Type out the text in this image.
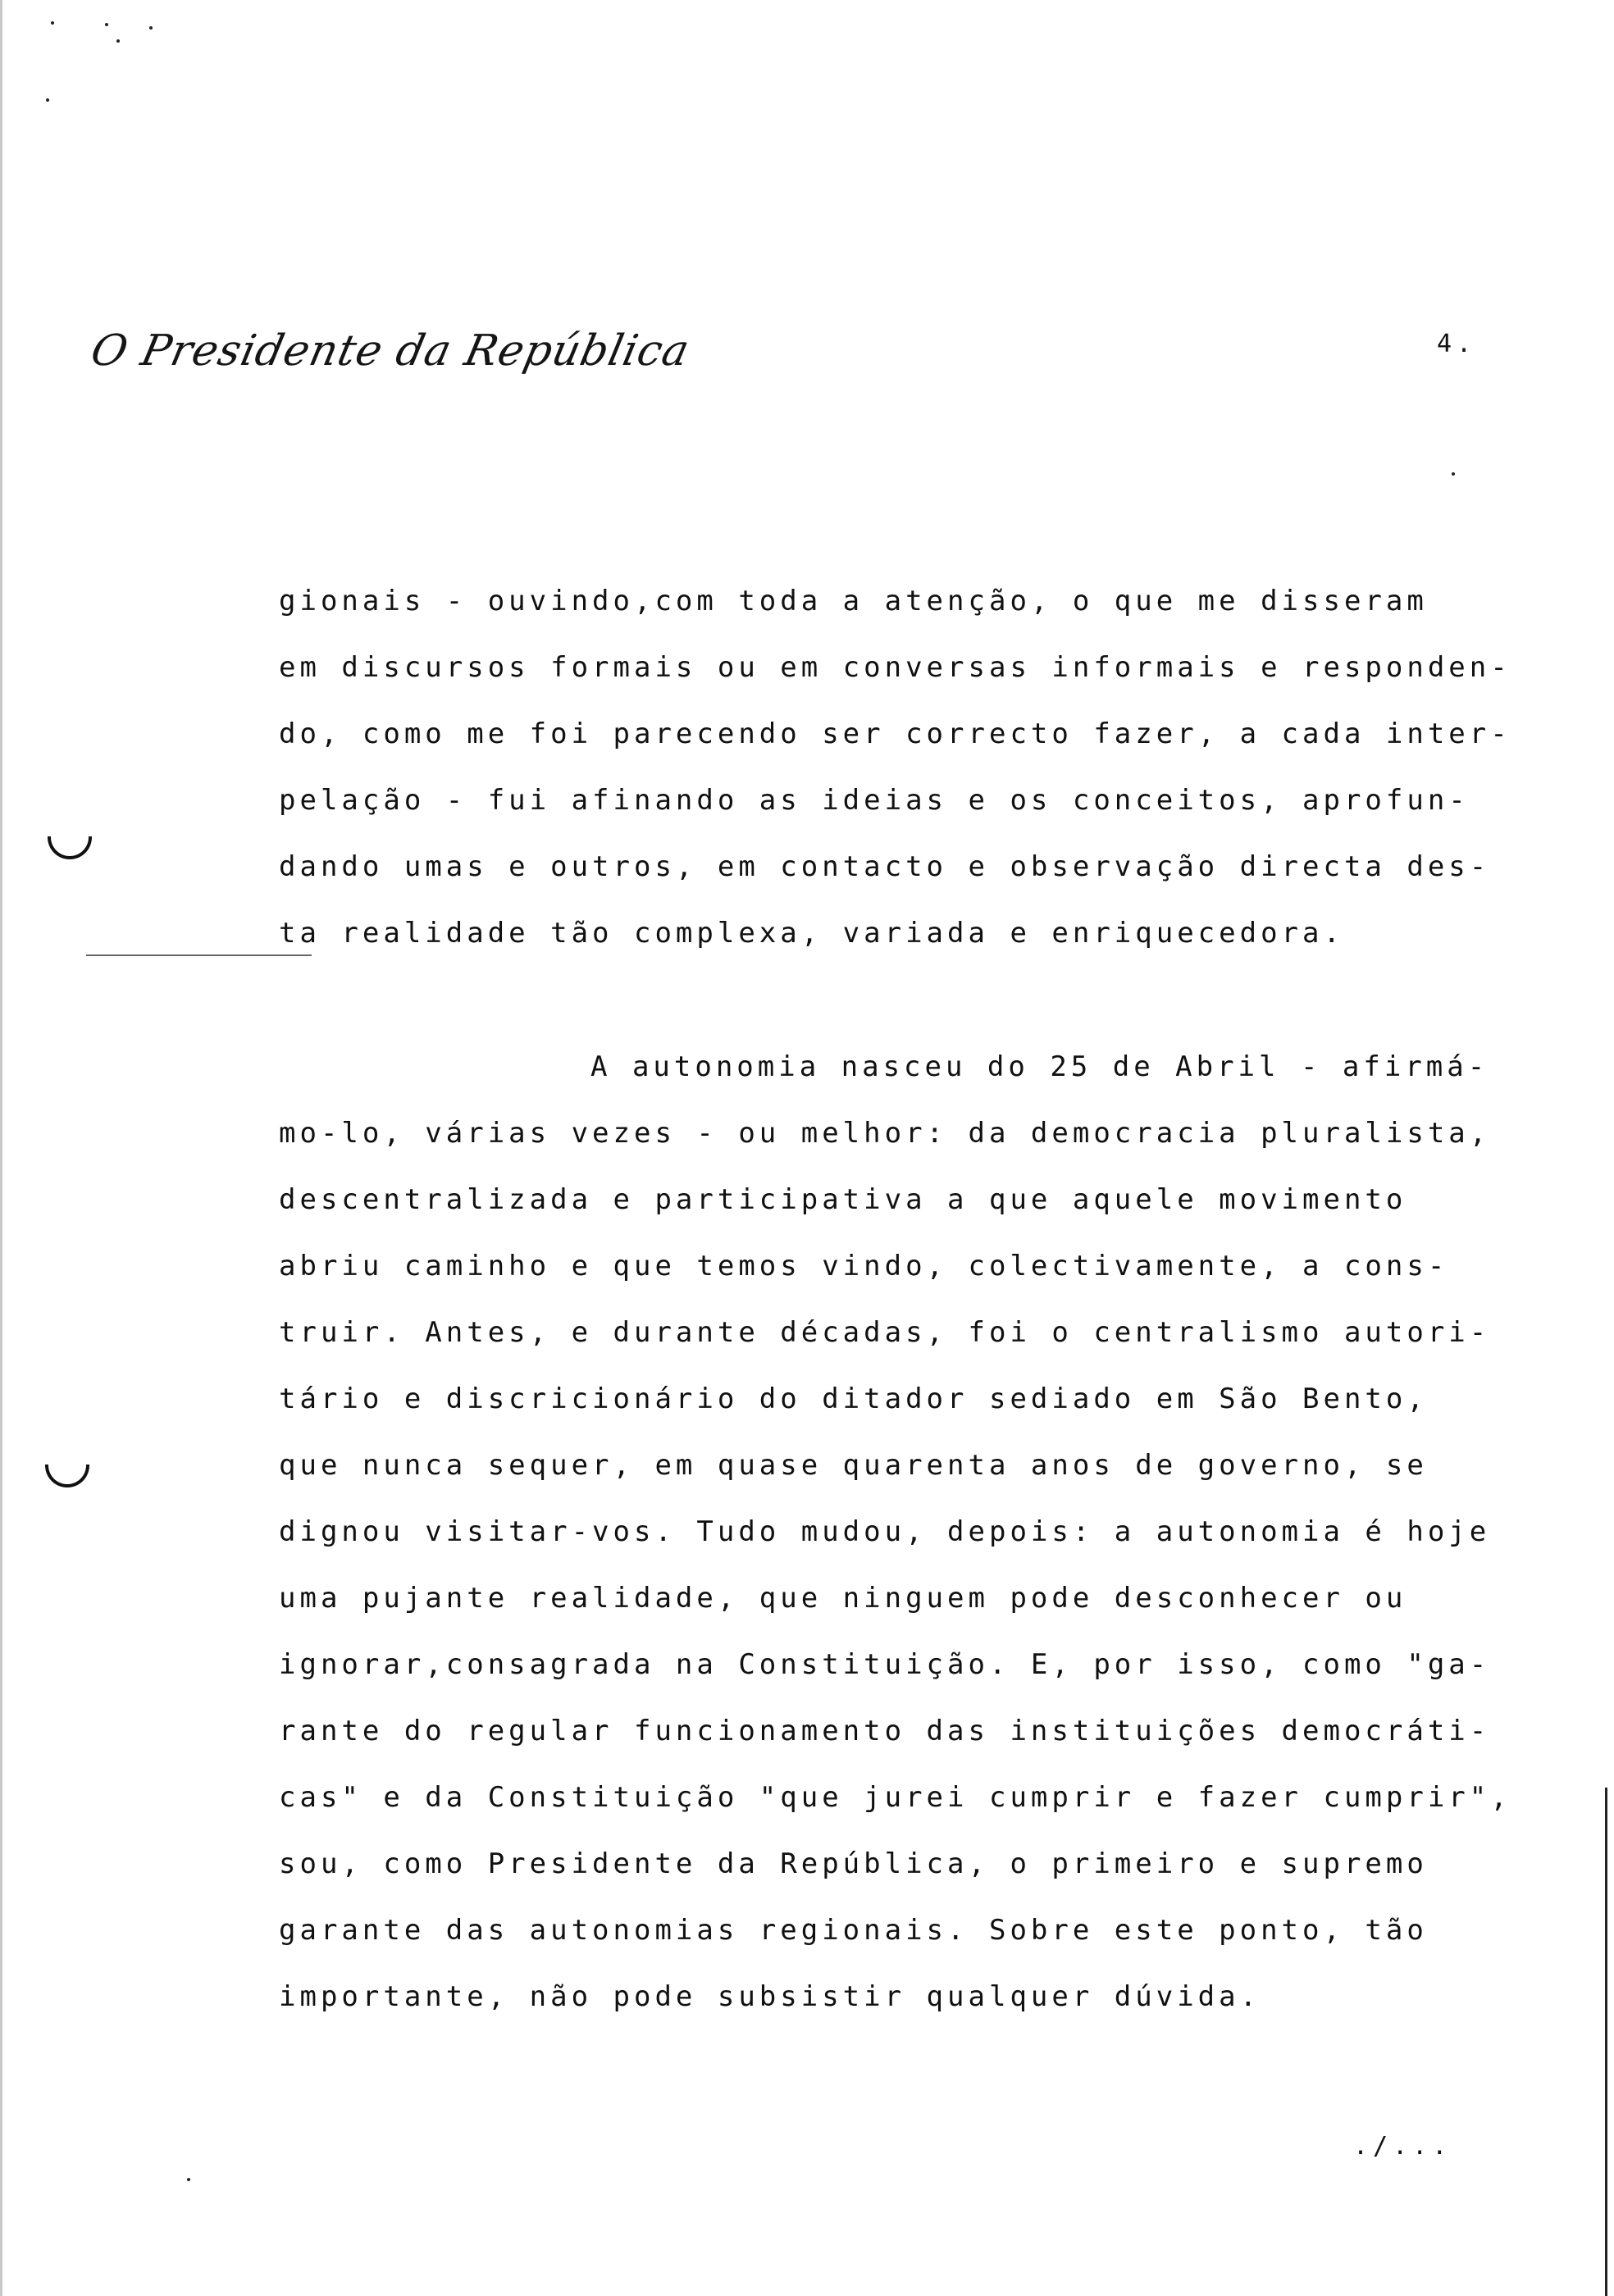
O Presidente da República	4.
gionais - ouvindo,com toda a atenção, o que me disseram
em discursos formais ou em conversas informais e responden-
do, como me foi parecendo ser correcto fazer, a cada inter-
pelação - fui afinando as ideias e os conceitos, aprofun-
dando umas e outros, em contacto e observação directa des-
ta realidade tão complexa, variada e enriquecedora.
A autonomia nasceu do 25 de Abril - afirmá-
mo-lo, várias vezes - ou melhor: da democracia pluralista,
descentralizada e participativa a que aquele movimento
abriu caminho e que temos vindo, colectivamente, a cons-
truir. Antes, e durante décadas, foi o centralismo autori-
tário e discricionário do ditador sediado em São Bento,
que nunca sequer, em quase quarenta anos de governo, se
dignou visitar-vos. Tudo mudou, depois: a autonomia é hoje
uma pujante realidade, que ninguem pode desconhecer ou
ignorar,consagrada na Constituição. E, por isso, como "ga-
rante do regular funcionamento das instituições democráti-
cas" e da Constituição "que jurei cumprir e fazer cumprir",
sou, como Presidente da República, o primeiro e supremo
garante das autonomias regionais. Sobre este ponto, tão
importante, não pode subsistir qualquer dúvida.
./...
